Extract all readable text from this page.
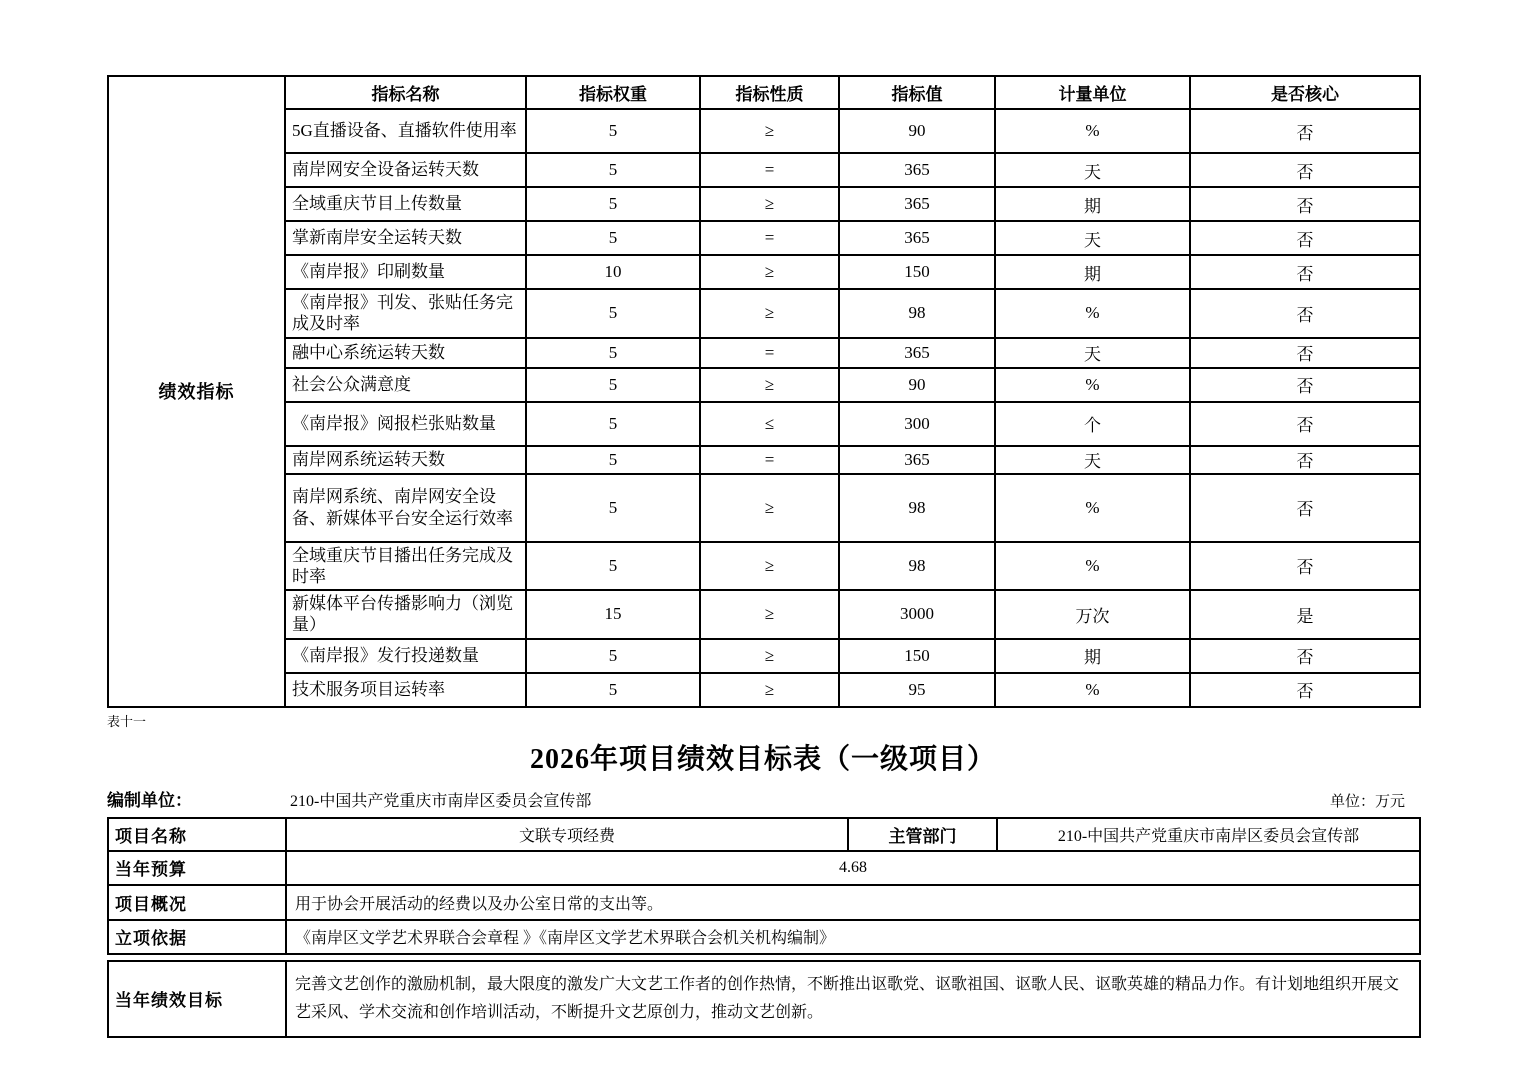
绩效指标	指标名称	指标权重	指标性质	指标值	计量单位	是否核心
	5G直播设备、直播软件使用率	5	≥	90	%	否
	南岸网安全设备运转天数	5	=	365	天	否
	全域重庆节目上传数量	5	≥	365	期	否
	掌新南岸安全运转天数	5	=	365	天	否
	《南岸报》印刷数量	10	≥	150	期	否
	《南岸报》刊发、张贴任务完成及时率	5	≥	98	%	否
	融中心系统运转天数	5	=	365	天	否
	社会公众满意度	5	≥	90	%	否
	《南岸报》阅报栏张贴数量	5	≤	300	个	否
	南岸网系统运转天数	5	=	365	天	否
	南岸网系统、南岸网安全设备、新媒体平台安全运行效率	5	≥	98	%	否
	全域重庆节目播出任务完成及时率	5	≥	98	%	否
	新媒体平台传播影响力（浏览量）	15	≥	3000	万次	是
	《南岸报》发行投递数量	5	≥	150	期	否
	技术服务项目运转率	5	≥	95	%	否
表十一
2026年项目绩效目标表（一级项目）
编制单位：	210-中国共产党重庆市南岸区委员会宣传部	单位：万元
项目名称	文联专项经费	主管部门	210-中国共产党重庆市南岸区委员会宣传部
当年预算	4.68		
项目概况	用于协会开展活动的经费以及办公室日常的支出等。		
立项依据	《南岸区文学艺术界联合会章程 》《南岸区文学艺术界联合会机关机构编制》		
当年绩效目标	完善文艺创作的激励机制，最大限度的激发广大文艺工作者的创作热情，不断推出讴歌党、讴歌祖国、讴歌人民、讴歌英雄的精品力作。有计划地组织开展文艺采风、学术交流和创作培训活动，不断提升文艺原创力，推动文艺创新。
